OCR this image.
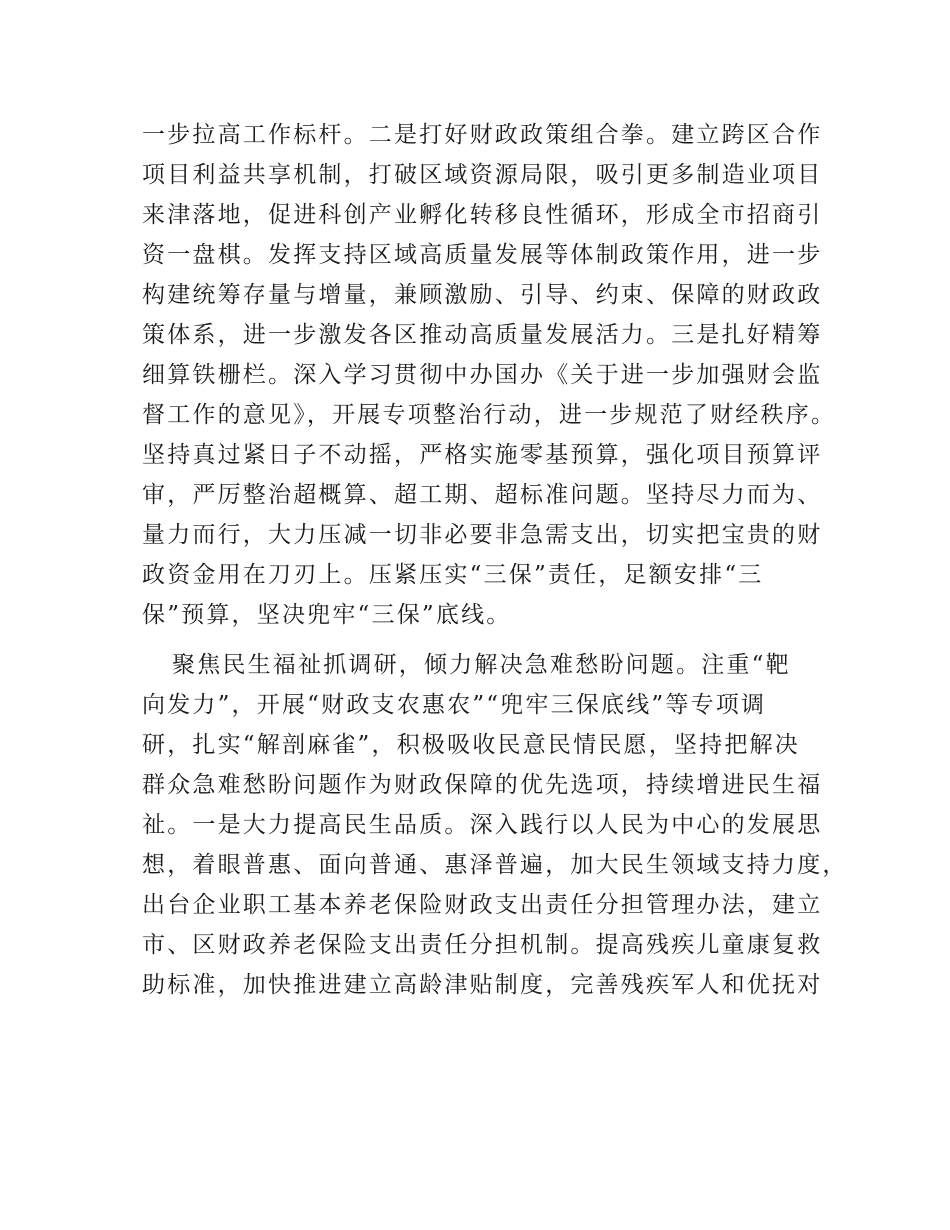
一步拉高工作标杆。二是打好财政政策组合拳。建立跨区合作
项目利益共享机制，打破区域资源局限，吸引更多制造业项目
来津落地，促进科创产业孵化转移良性循环，形成全市招商引
资一盘棋。发挥支持区域高质量发展等体制政策作用，进一步
构建统筹存量与增量，兼顾激励、引导、约束、保障的财政政
策体系，进一步激发各区推动高质量发展活力。三是扎好精筹
细算铁栅栏。深入学习贯彻中办国办《关于进一步加强财会监
督工作的意见》，开展专项整治行动，进一步规范了财经秩序。
坚持真过紧日子不动摇，严格实施零基预算，强化项目预算评
审，严厉整治超概算、超工期、超标准问题。坚持尽力而为、
量力而行，大力压减一切非必要非急需支出，切实把宝贵的财
政资金用在刀刃上。压紧压实“三保”责任，足额安排“三
保”预算，坚决兜牢“三保”底线。
聚焦民生福祉抓调研，倾力解决急难愁盼问题。注重“靶
向发力”，开展“财政支农惠农”“兜牢三保底线”等专项调
研，扎实“解剖麻雀”，积极吸收民意民情民愿，坚持把解决
群众急难愁盼问题作为财政保障的优先选项，持续增进民生福
祉。一是大力提高民生品质。深入践行以人民为中心的发展思
想，着眼普惠、面向普通、惠泽普遍，加大民生领域支持力度，
出台企业职工基本养老保险财政支出责任分担管理办法，建立
市、区财政养老保险支出责任分担机制。提高残疾儿童康复救
助标准，加快推进建立高龄津贴制度，完善残疾军人和优抚对
